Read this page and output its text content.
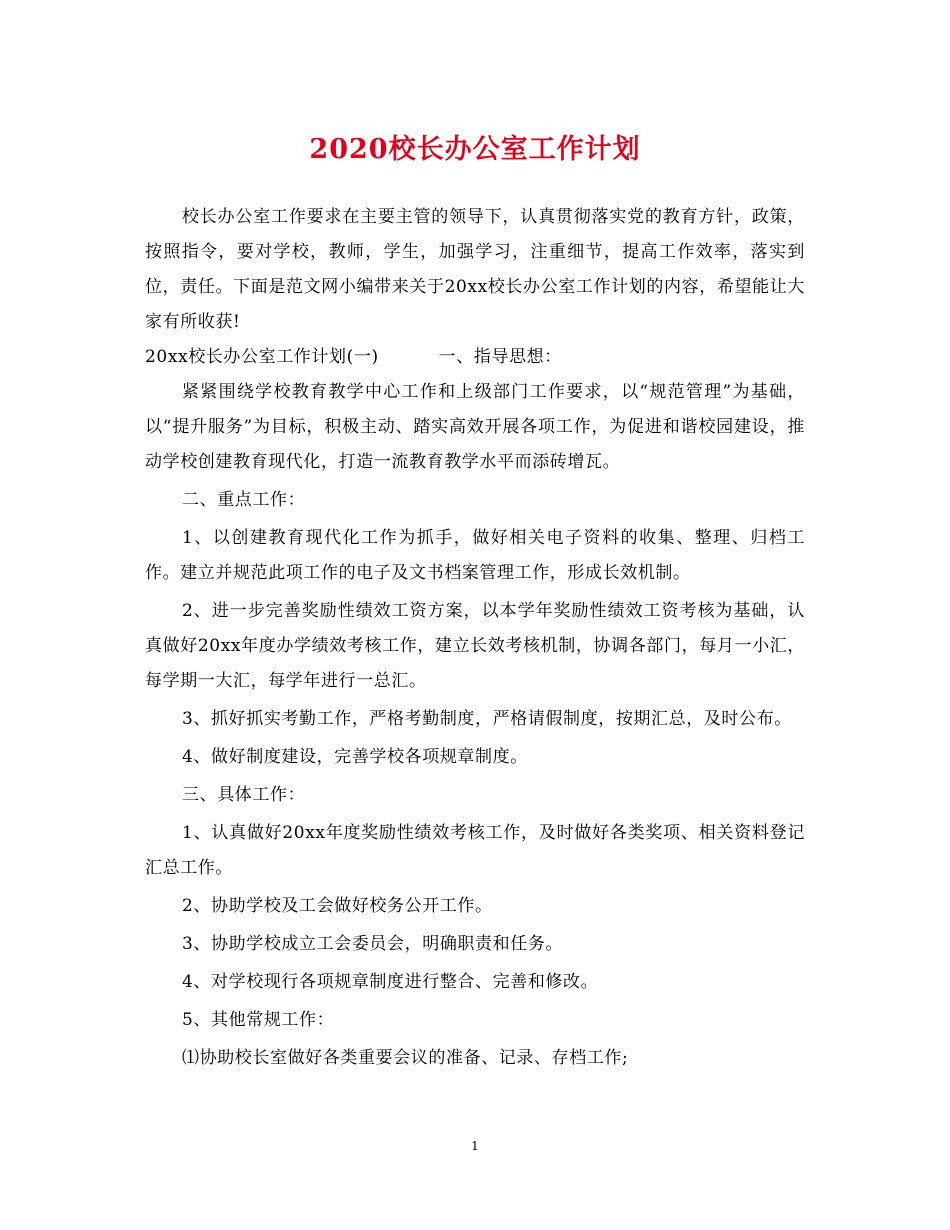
2020校长办公室工作计划

校长办公室工作要求在主要主管的领导下，认真贯彻落实党的教育方针，政策，按照指令，要对学校，教师，学生，加强学习，注重细节，提高工作效率，落实到位，责任。下面是范文网小编带来关于20xx校长办公室工作计划的内容，希望能让大家有所收获!

20xx校长办公室工作计划(一)	一、指导思想：

紧紧围绕学校教育教学中心工作和上级部门工作要求，以“规范管理”为基础，以“提升服务”为目标，积极主动、踏实高效开展各项工作，为促进和谐校园建设，推动学校创建教育现代化，打造一流教育教学水平而添砖增瓦。

二、重点工作：

1、以创建教育现代化工作为抓手，做好相关电子资料的收集、整理、归档工作。建立并规范此项工作的电子及文书档案管理工作，形成长效机制。

2、进一步完善奖励性绩效工资方案，以本学年奖励性绩效工资考核为基础，认真做好20xx年度办学绩效考核工作，建立长效考核机制，协调各部门，每月一小汇，每学期一大汇，每学年进行一总汇。

3、抓好抓实考勤工作，严格考勤制度，严格请假制度，按期汇总，及时公布。

4、做好制度建设，完善学校各项规章制度。

三、具体工作：

1、认真做好20xx年度奖励性绩效考核工作，及时做好各类奖项、相关资料登记汇总工作。

2、协助学校及工会做好校务公开工作。

3、协助学校成立工会委员会，明确职责和任务。

4、对学校现行各项规章制度进行整合、完善和修改。

5、其他常规工作：

⑴协助校长室做好各类重要会议的准备、记录、存档工作;

1
